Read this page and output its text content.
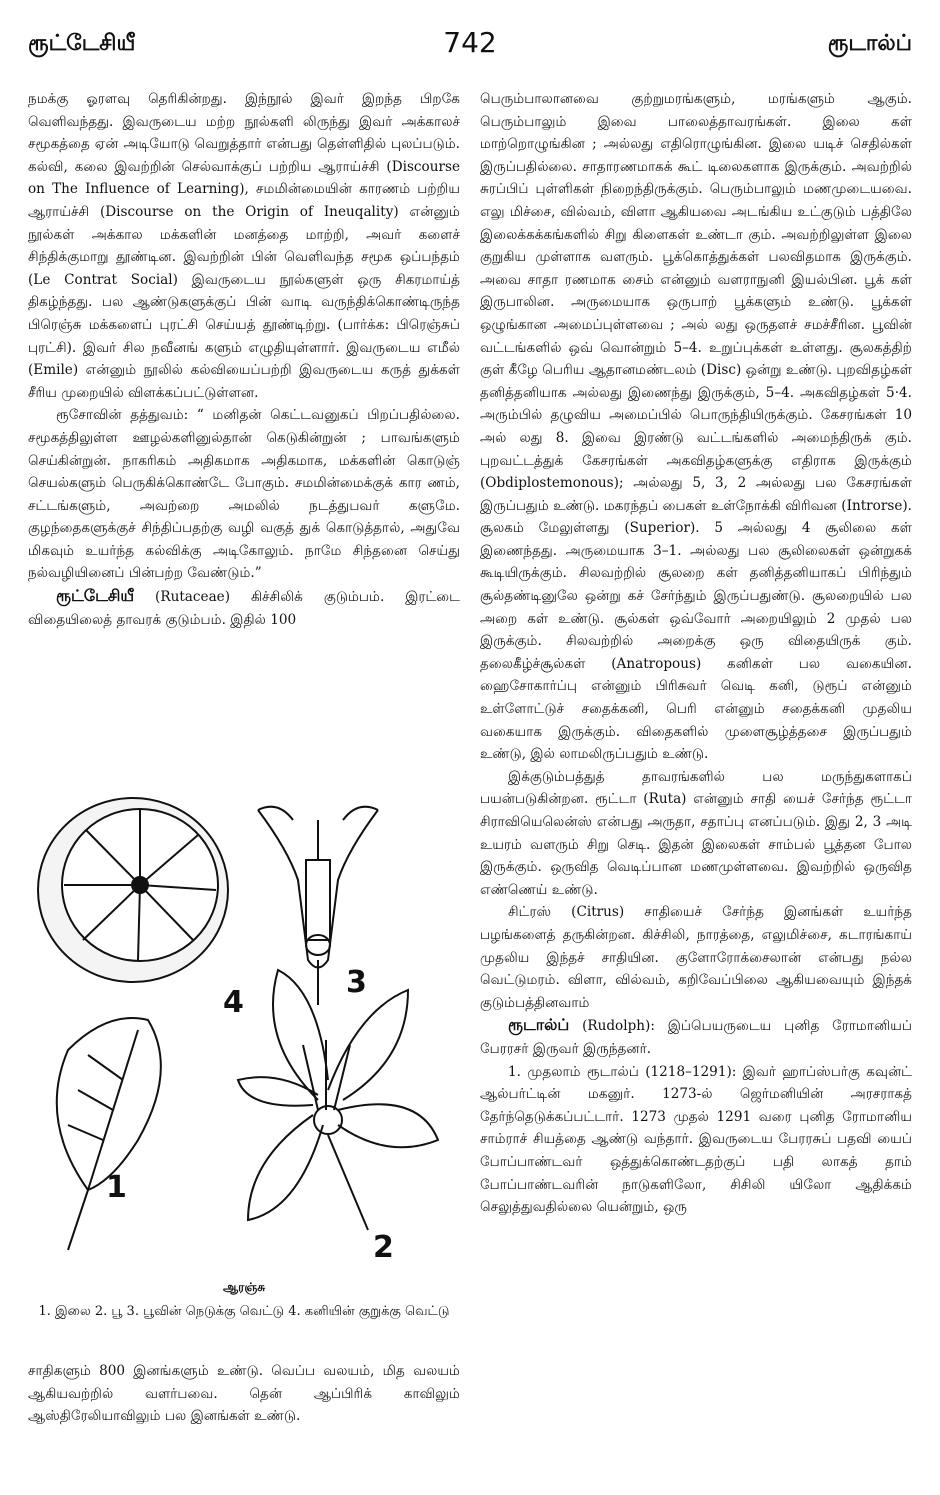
ரூட்டேசியீ	742	ரூடால்ப்

நமக்கு ஓரளவு தெரிகின்றது. இந்நூல் இவர் இறந்த பிறகே வெளிவந்தது. இவருடைய மற்ற நூல்களி லிருந்து இவர் அக்காலச் சமூகத்தை ஏன் அடியோடு வெறுத்தார் என்பது தெள்ளிதில் புலப்படும். கல்வி, கலை இவற்றின் செல்வாக்குப் பற்றிய ஆராய்ச்சி (Discourse on The Influence of Learning), சமமின்மையின் காரணம் பற்றிய ஆராய்ச்சி (Discourse on the Origin of Ineuqality) என்னும் நூல்கள் அக்கால மக்களின் மனத்தை மாற்றி, அவர் களைச் சிந்திக்குமாறு தூண்டின. இவற்றின் பின் வெளிவந்த சமூக ஒப்பந்தம் (Le Contrat Social) இவருடைய நூல்களுள் ஒரு சிகரமாய்த் திகழ்ந்தது. பல ஆண்டுகளுக்குப் பின் வாடி வருந்திக்கொண்டிருந்த பிரெஞ்சு மக்களைப் புரட்சி செய்யத் தூண்டிற்று. (பார்க்க: பிரெஞ்சுப் புரட்சி). இவர் சில நவீனங் களும் எழுதியுள்ளார். இவருடைய எமீல் (Emile) என்னும் நூலில் கல்வியைப்பற்றி இவருடைய கருத் துக்கள் சீரிய முறையில் விளக்கப்பட்டுள்ளன.

ரூசோவின் தத்துவம்: “ மனிதன் கெட்டவனுகப் பிறப்பதில்லை. சமூகத்திலுள்ள ஊழல்களினுல்தான் கெடுகின்றுன் ; பாவங்களும் செய்கின்றுன். நாகரிகம் அதிகமாக அதிகமாக, மக்களின் கொடுஞ் செயல்களும் பெருகிக்கொண்டே போகும். சமமின்மைக்குக் கார ணம், சட்டங்களும், அவற்றை அமலில் நடத்துபவர் களுமே. குழந்தைகளுக்குச் சிந்திப்பதற்கு வழி வகுத் துக் கொடுத்தால், அதுவே மிகவும் உயர்ந்த கல்விக்கு அடிகோலும். நாமே சிந்தனை செய்து நல்வழியினைப் பின்பற்ற வேண்டும்.”

ரூட்டேசியீ (Rutaceae) கிச்சிலிக் குடும்பம். இரட்டை விதையிலைத் தாவரக் குடும்பம். இதில் 100

4
3
1
2
ஆரஞ்சு
1. இலை 2. பூ 3. பூவின் நெடுக்கு வெட்டு 4. கனியின் குறுக்கு வெட்டு

சாதிகளும் 800 இனங்களும் உண்டு. வெப்ப வலயம், மித வலயம் ஆகியவற்றில் வளர்பவை. தென் ஆப்பிரிக் காவிலும் ஆஸ்திரேலியாவிலும் பல இனங்கள் உண்டு.

பெரும்பாலானவை குற்றுமரங்களும், மரங்களும் ஆகும். பெரும்பாலும் இவை பாலைத்தாவரங்கள். இலை கள் மாற்றொழுங்கின ; அல்லது எதிரொழுங்கின. இலை யடிச் செதில்கள் இருப்பதில்லை. சாதாரணமாகக் கூட் டிலைகளாக இருக்கும். அவற்றில் சுரப்பிப் புள்ளிகள் நிறைந்திருக்கும். பெரும்பாலும் மணமுடையவை. எலு மிச்சை, வில்வம், விளா ஆகியவை அடங்கிய உட்குடும் பத்திலே இலைக்கக்கங்களில் சிறு கிளைகள் உண்டா கும். அவற்றிலுள்ள இலை குறுகிய முள்ளாக வளரும். பூக்கொத்துக்கள் பலவிதமாக இருக்கும். அவை சாதா ரணமாக சைம் என்னும் வளராநுனி இயல்பின. பூக் கள் இருபாலின. அருமையாக ஒருபாற் பூக்களும் உண்டு. பூக்கள் ஒழுங்கான அமைப்புள்ளவை ; அல் லது ஒருதளச் சமச்சீரின. பூவின் வட்டங்களில் ஒவ் வொன்றும் 5–4. உறுப்புக்கள் உள்ளது. சூலகத்திற் குள் கீழே பெரிய ஆதானமண்டலம் (Disc) ஒன்று உண்டு. புறவிதழ்கள் தனித்தனியாக அல்லது இணைந்து இருக்கும், 5–4. அகவிதழ்கள் 5·4. அரும்பில் தழுவிய அமைப்பில் பொருந்தியிருக்கும். கேசரங்கள் 10 அல் லது 8. இவை இரண்டு வட்டங்களில் அமைந்திருக் கும். புறவட்டத்துக் கேசரங்கள் அகவிதழ்களுக்கு எதிராக இருக்கும் (Obdiplostemonous); அல்லது 5, 3, 2 அல்லது பல கேசரங்கள் இருப்பதும் உண்டு. மகரந்தப் பைகள் உள்நோக்கி விரிவன (Introrse). சூலகம் மேலுள்ளது (Superior). 5 அல்லது 4 சூலிலை கள் இணைந்தது. அருமையாக 3–1. அல்லது பல சூலிலைகள் ஒன்றுகக் கூடியிருக்கும். சிலவற்றில் சூலறை கள் தனித்தனியாகப் பிரிந்தும் சூல்தண்டினுலே ஒன்று கச் சேர்ந்தும் இருப்பதுண்டு. சூலறையில் பல அறை கள் உண்டு. சூல்கள் ஒவ்வோர் அறையிலும் 2 முதல் பல இருக்கும். சிலவற்றில் அறைக்கு ஒரு விதையிருக் கும். தலைகீழ்ச்சூல்கள் (Anatropous) கனிகள் பல வகையின. ஹைசோகார்ப்பு என்னும் பிரிசுவர் வெடி கனி, டுரூப் என்னும் உள்ளோட்டுச் சதைக்கனி, பெரி என்னும் சதைக்கனி முதலிய வகையாக இருக்கும். விதைகளில் முளைசூழ்த்தசை இருப்பதும் உண்டு, இல் லாமலிருப்பதும் உண்டு.

இக்குடும்பத்துத் தாவரங்களில் பல மருந்துகளாகப் பயன்படுகின்றன. ரூட்டா (Ruta) என்னும் சாதி யைச் சேர்ந்த ரூட்டா சிராவியெலென்ஸ் என்பது அருதா, சதாப்பு எனப்படும். இது 2, 3 அடி உயரம் வளரும் சிறு செடி. இதன் இலைகள் சாம்பல் பூத்தன போல இருக்கும். ஒருவித வெடிப்பான மணமுள்ளவை. இவற்றில் ஒருவித எண்ணெய் உண்டு.

சிட்ரஸ் (Citrus) சாதியைச் சேர்ந்த இனங்கள் உயர்ந்த பழங்களைத் தருகின்றன. கிச்சிலி, நாரத்தை, எலுமிச்சை, கடாரங்காய் முதலிய இந்தச் சாதியின. குளோரோக்சைலான் என்பது நல்ல வெட்டுமரம். விளா, வில்வம், கறிவேப்பிலை ஆகியவையும் இந்தக் குடும்பத்தினவாம்

ரூடால்ப் (Rudolph): இப்பெயருடைய புனித ரோமானியப் பேரரசர் இருவர் இருந்தனர்.

1. முதலாம் ரூடால்ப் (1218–1291): இவர் ஹாப்ஸ்பர்கு கவுன்ட் ஆல்பர்ட்டின் மகனுர். 1273-ல் ஜெர்மனியின் அரசராகத் தேர்ந்தெடுக்கப்பட்டார். 1273 முதல் 1291 வரை புனித ரோமானிய சாம்ராச் சியத்தை ஆண்டு வந்தார். இவருடைய பேரரசுப் பதவி யைப் போப்பாண்டவர் ஒத்துக்கொண்டதற்குப் பதி லாகத் தாம் போப்பாண்டவரின் நாடுகளிலோ, சிசிலி யிலோ ஆதிக்கம் செலுத்துவதில்லை யென்றும், ஒரு
